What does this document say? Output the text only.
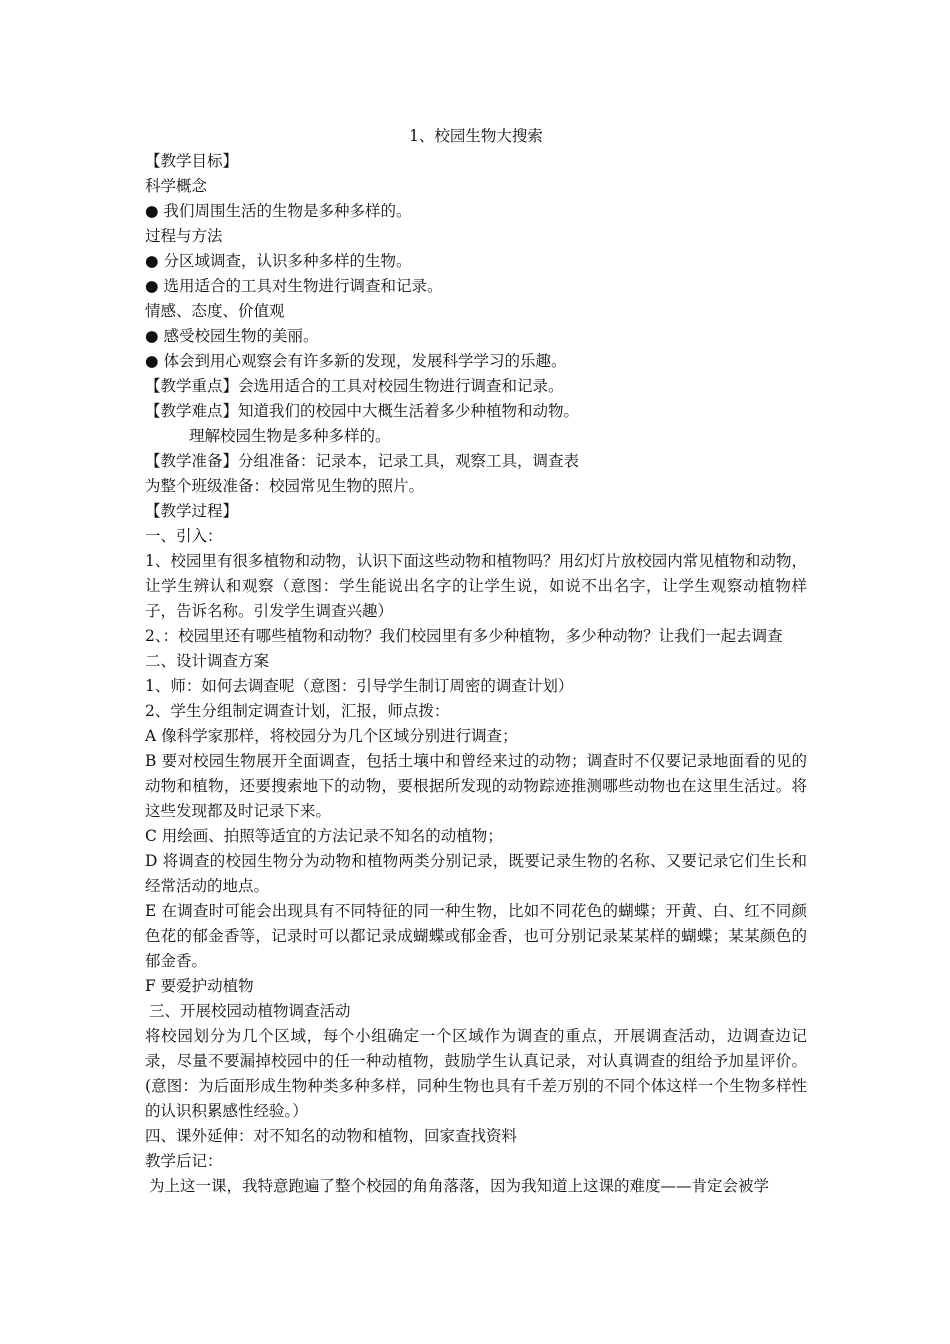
1、校园生物大搜索
【教学目标】
科学概念
● 我们周围生活的生物是多种多样的。
过程与方法
● 分区域调查，认识多种多样的生物。
● 选用适合的工具对生物进行调查和记录。
情感、态度、价值观
● 感受校园生物的美丽。
● 体会到用心观察会有许多新的发现，发展科学学习的乐趣。
【教学重点】会选用适合的工具对校园生物进行调查和记录。
【教学难点】知道我们的校园中大概生活着多少种植物和动物。
理解校园生物是多种多样的。
【教学准备】分组准备：记录本，记录工具，观察工具，调查表
为整个班级准备：校园常见生物的照片。
【教学过程】
一、引入：
1、校园里有很多植物和动物，认识下面这些动物和植物吗？用幻灯片放校园内常见植物和动物，让学生辨认和观察（意图：学生能说出名字的让学生说，如说不出名字，让学生观察动植物样子，告诉名称。引发学生调查兴趣）
2、：校园里还有哪些植物和动物？我们校园里有多少种植物，多少种动物？让我们一起去调查
二、设计调查方案
1、师：如何去调查呢（意图：引导学生制订周密的调查计划）
2、学生分组制定调查计划，汇报，师点拨：
A 像科学家那样，将校园分为几个区域分别进行调查；
B 要对校园生物展开全面调查，包括土壤中和曾经来过的动物；调查时不仅要记录地面看的见的动物和植物，还要搜索地下的动物，要根据所发现的动物踪迹推测哪些动物也在这里生活过。将这些发现都及时记录下来。
C 用绘画、拍照等适宜的方法记录不知名的动植物；
D 将调查的校园生物分为动物和植物两类分别记录，既要记录生物的名称、又要记录它们生长和经常活动的地点。
E 在调查时可能会出现具有不同特征的同一种生物，比如不同花色的蝴蝶；开黄、白、红不同颜色花的郁金香等，记录时可以都记录成蝴蝶或郁金香，也可分别记录某某样的蝴蝶；某某颜色的郁金香。
F 要爱护动植物
三、开展校园动植物调查活动
将校园划分为几个区域，每个小组确定一个区域作为调查的重点，开展调查活动，边调查边记录，尽量不要漏掉校园中的任一种动植物，鼓励学生认真记录，对认真调查的组给予加星评价。(意图：为后面形成生物种类多种多样，同种生物也具有千差万别的不同个体这样一个生物多样性的认识积累感性经验。）
四、课外延伸：对不知名的动物和植物，回家查找资料
教学后记：
为上这一课，我特意跑遍了整个校园的角角落落，因为我知道上这课的难度——肯定会被学
